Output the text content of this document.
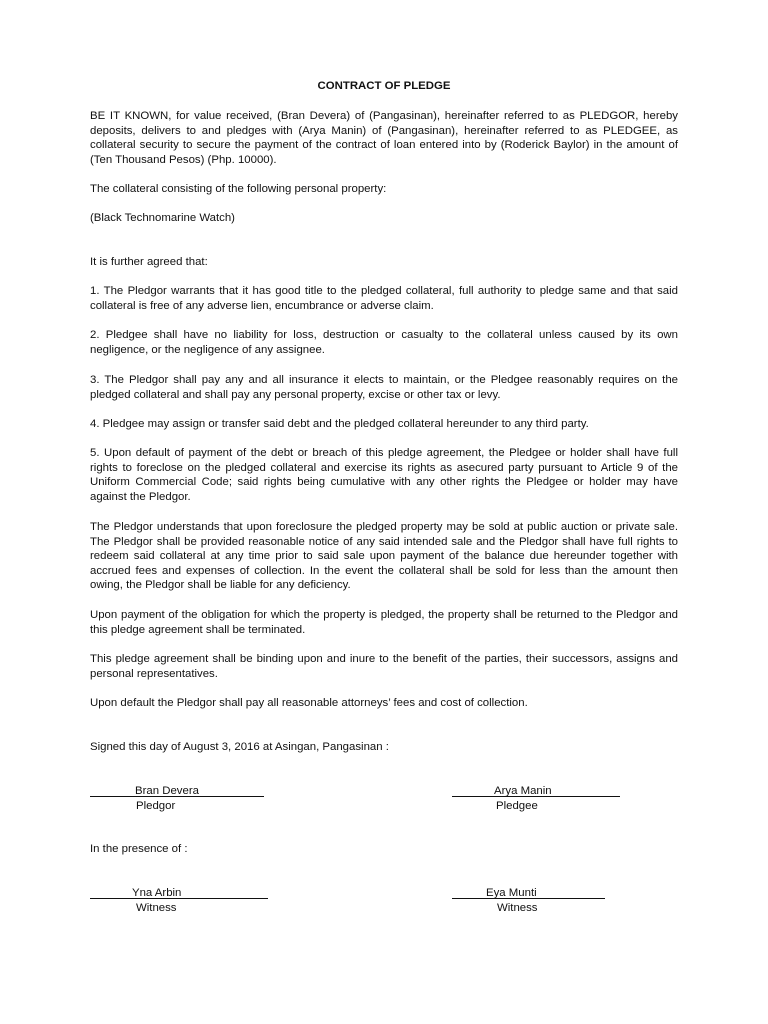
CONTRACT OF PLEDGE

BE IT KNOWN, for value received, (Bran Devera) of (Pangasinan), hereinafter referred to as PLEDGOR, hereby deposits, delivers to and pledges with (Arya Manin) of (Pangasinan), hereinafter referred to as PLEDGEE, as collateral security to secure the payment of the contract of loan entered into by (Roderick Baylor) in the amount of (Ten Thousand Pesos) (Php. 10000).

The collateral consisting of the following personal property:

(Black Technomarine Watch)

It is further agreed that:

1. The Pledgor warrants that it has good title to the pledged collateral, full authority to pledge same and that said collateral is free of any adverse lien, encumbrance or adverse claim.

2. Pledgee shall have no liability for loss, destruction or casualty to the collateral unless caused by its own negligence, or the negligence of any assignee.

3. The Pledgor shall pay any and all insurance it elects to maintain, or the Pledgee reasonably requires on the pledged collateral and shall pay any personal property, excise or other tax or levy.

4. Pledgee may assign or transfer said debt and the pledged collateral hereunder to any third party.

5. Upon default of payment of the debt or breach of this pledge agreement, the Pledgee or holder shall have full rights to foreclose on the pledged collateral and exercise its rights as asecured party pursuant to Article 9 of the Uniform Commercial Code; said rights being cumulative with any other rights the Pledgee or holder may have against the Pledgor.

The Pledgor understands that upon foreclosure the pledged property may be sold at public auction or private sale. The Pledgor shall be provided reasonable notice of any said intended sale and the Pledgor shall have full rights to redeem said collateral at any time prior to said sale upon payment of the balance due hereunder together with accrued fees and expenses of collection. In the event the collateral shall be sold for less than the amount then owing, the Pledgor shall be liable for any deficiency.

Upon payment of the obligation for which the property is pledged, the property shall be returned to the Pledgor and this pledge agreement shall be terminated.

This pledge agreement shall be binding upon and inure to the benefit of the parties, their successors, assigns and personal representatives.

Upon default the Pledgor shall pay all reasonable attorneys’ fees and cost of collection.

Signed this day of August 3, 2016 at Asingan, Pangasinan :

Bran Devera
Pledgor
Arya Manin
Pledgee

In the presence of :

Yna Arbin
Witness
Eya Munti
Witness
